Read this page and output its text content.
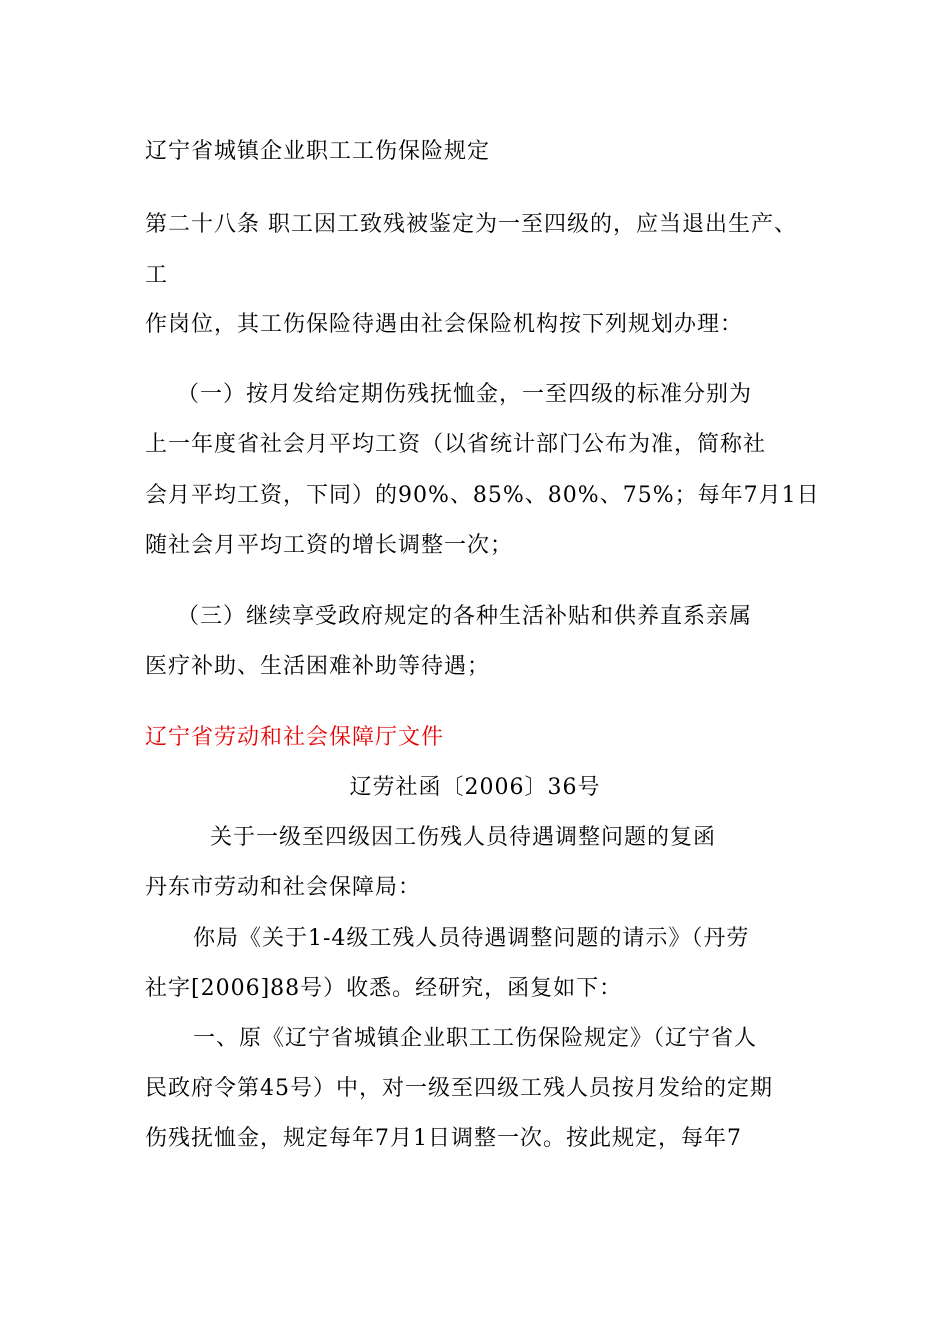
辽宁省城镇企业职工工伤保险规定
第二十八条 职工因工致残被鉴定为一至四级的，应当退出生产、
工
作岗位，其工伤保险待遇由社会保险机构按下列规划办理：
（一）按月发给定期伤残抚恤金，一至四级的标准分别为
上一年度省社会月平均工资（以省统计部门公布为准，简称社
会月平均工资，下同）的90%、85%、80%、75%；每年7月1日
随社会月平均工资的增长调整一次；
（三）继续享受政府规定的各种生活补贴和供养直系亲属
医疗补助、生活困难补助等待遇；
辽宁省劳动和社会保障厅文件
辽劳社函〔2006〕36号
关于一级至四级因工伤残人员待遇调整问题的复函
丹东市劳动和社会保障局：
你局《关于1-4级工残人员待遇调整问题的请示》（丹劳
社字[2006]88号）收悉。经研究，函复如下：
一、原《辽宁省城镇企业职工工伤保险规定》（辽宁省人
民政府令第45号）中，对一级至四级工残人员按月发给的定期
伤残抚恤金，规定每年7月1日调整一次。按此规定，每年7
